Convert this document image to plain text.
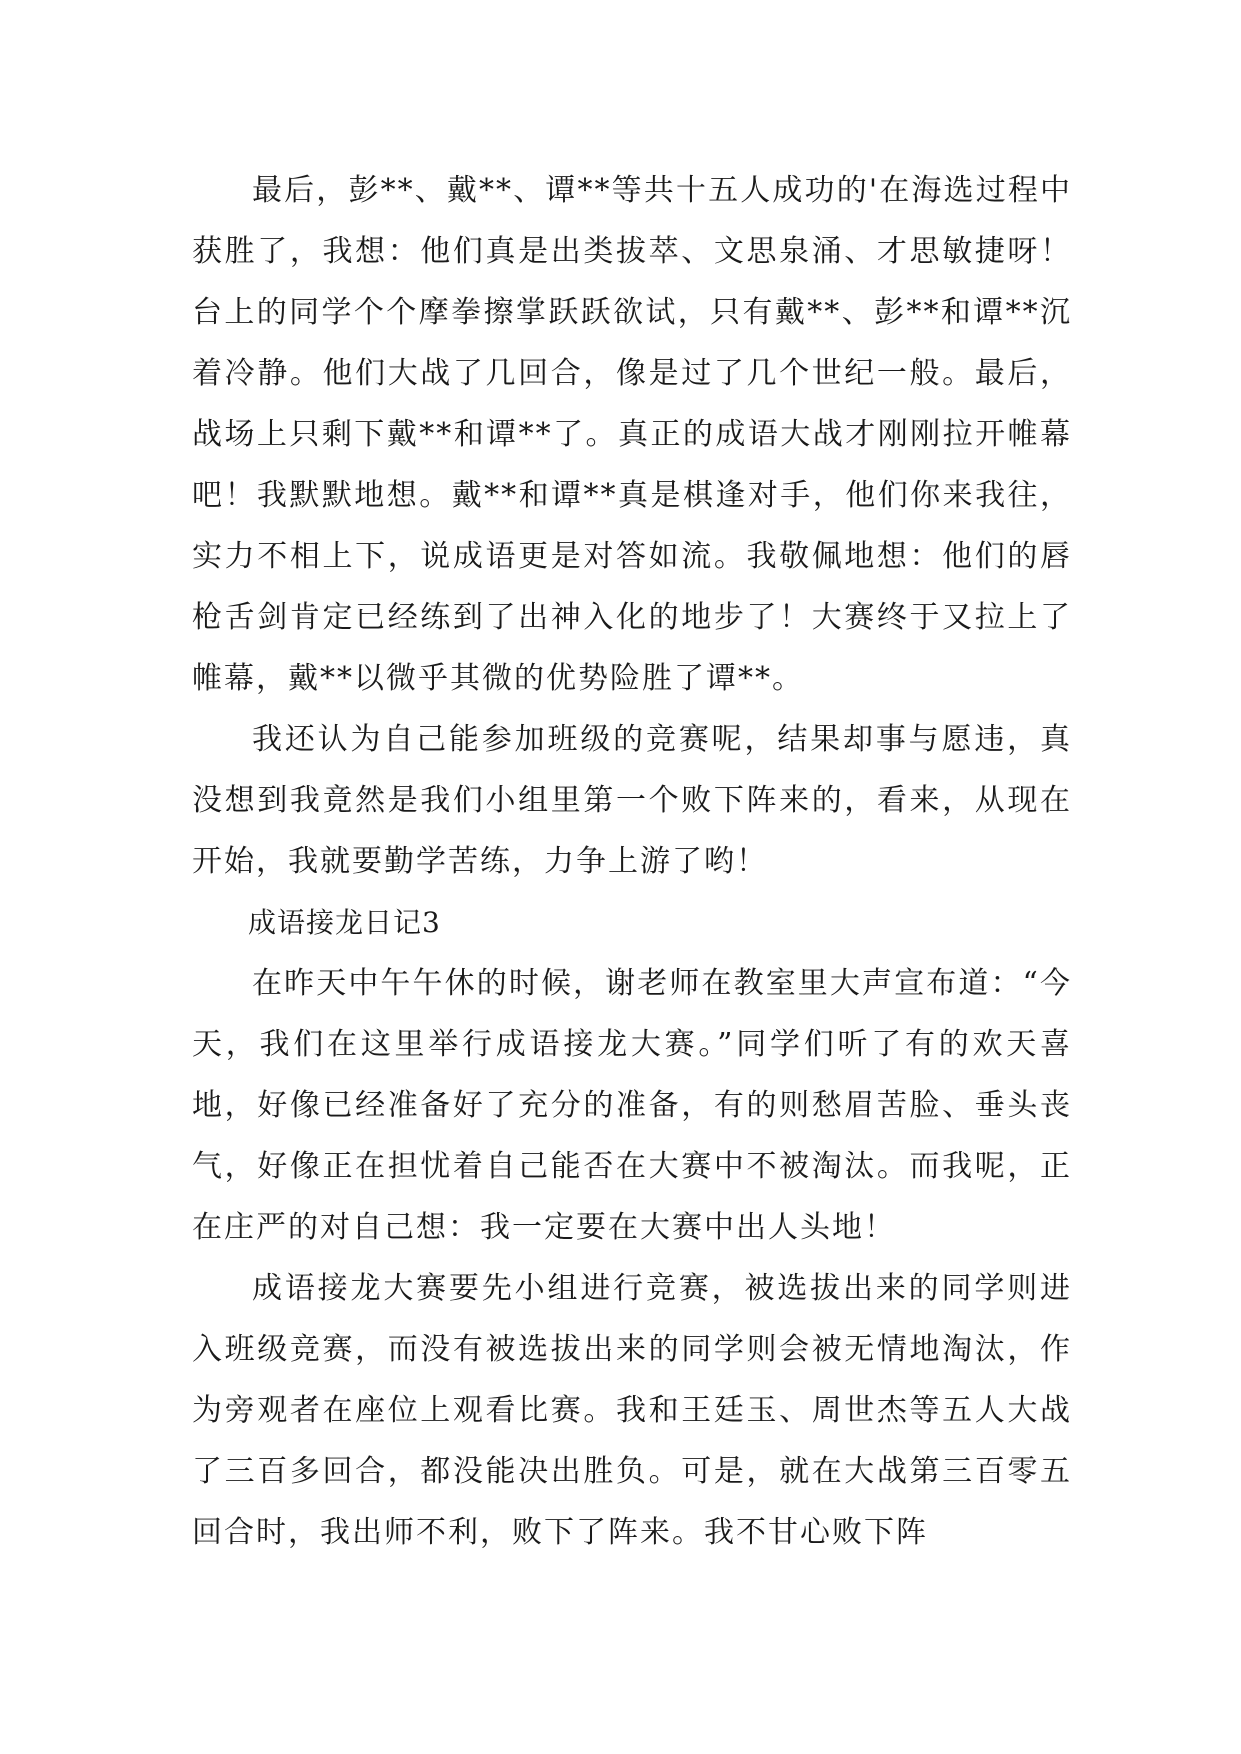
最后，彭**、戴**、谭**等共十五人成功的'在海选过程中获胜了，我想：他们真是出类拔萃、文思泉涌、才思敏捷呀！台上的同学个个摩拳擦掌跃跃欲试，只有戴**、彭**和谭**沉着冷静。他们大战了几回合，像是过了几个世纪一般。最后，战场上只剩下戴**和谭**了。真正的成语大战才刚刚拉开帷幕吧！我默默地想。戴**和谭**真是棋逢对手，他们你来我往，实力不相上下，说成语更是对答如流。我敬佩地想：他们的唇枪舌剑肯定已经练到了出神入化的地步了！大赛终于又拉上了帷幕，戴**以微乎其微的优势险胜了谭**。

我还认为自己能参加班级的竞赛呢，结果却事与愿违，真没想到我竟然是我们小组里第一个败下阵来的，看来，从现在开始，我就要勤学苦练，力争上游了哟！

成语接龙日记3

在昨天中午午休的时候，谢老师在教室里大声宣布道：“今天，我们在这里举行成语接龙大赛。”同学们听了有的欢天喜地，好像已经准备好了充分的准备，有的则愁眉苦脸、垂头丧气，好像正在担忧着自己能否在大赛中不被淘汰。而我呢，正在庄严的对自己想：我一定要在大赛中出人头地！

成语接龙大赛要先小组进行竞赛，被选拔出来的同学则进入班级竞赛，而没有被选拔出来的同学则会被无情地淘汰，作为旁观者在座位上观看比赛。我和王廷玉、周世杰等五人大战了三百多回合，都没能决出胜负。可是，就在大战第三百零五回合时，我出师不利，败下了阵来。我不甘心败下阵
